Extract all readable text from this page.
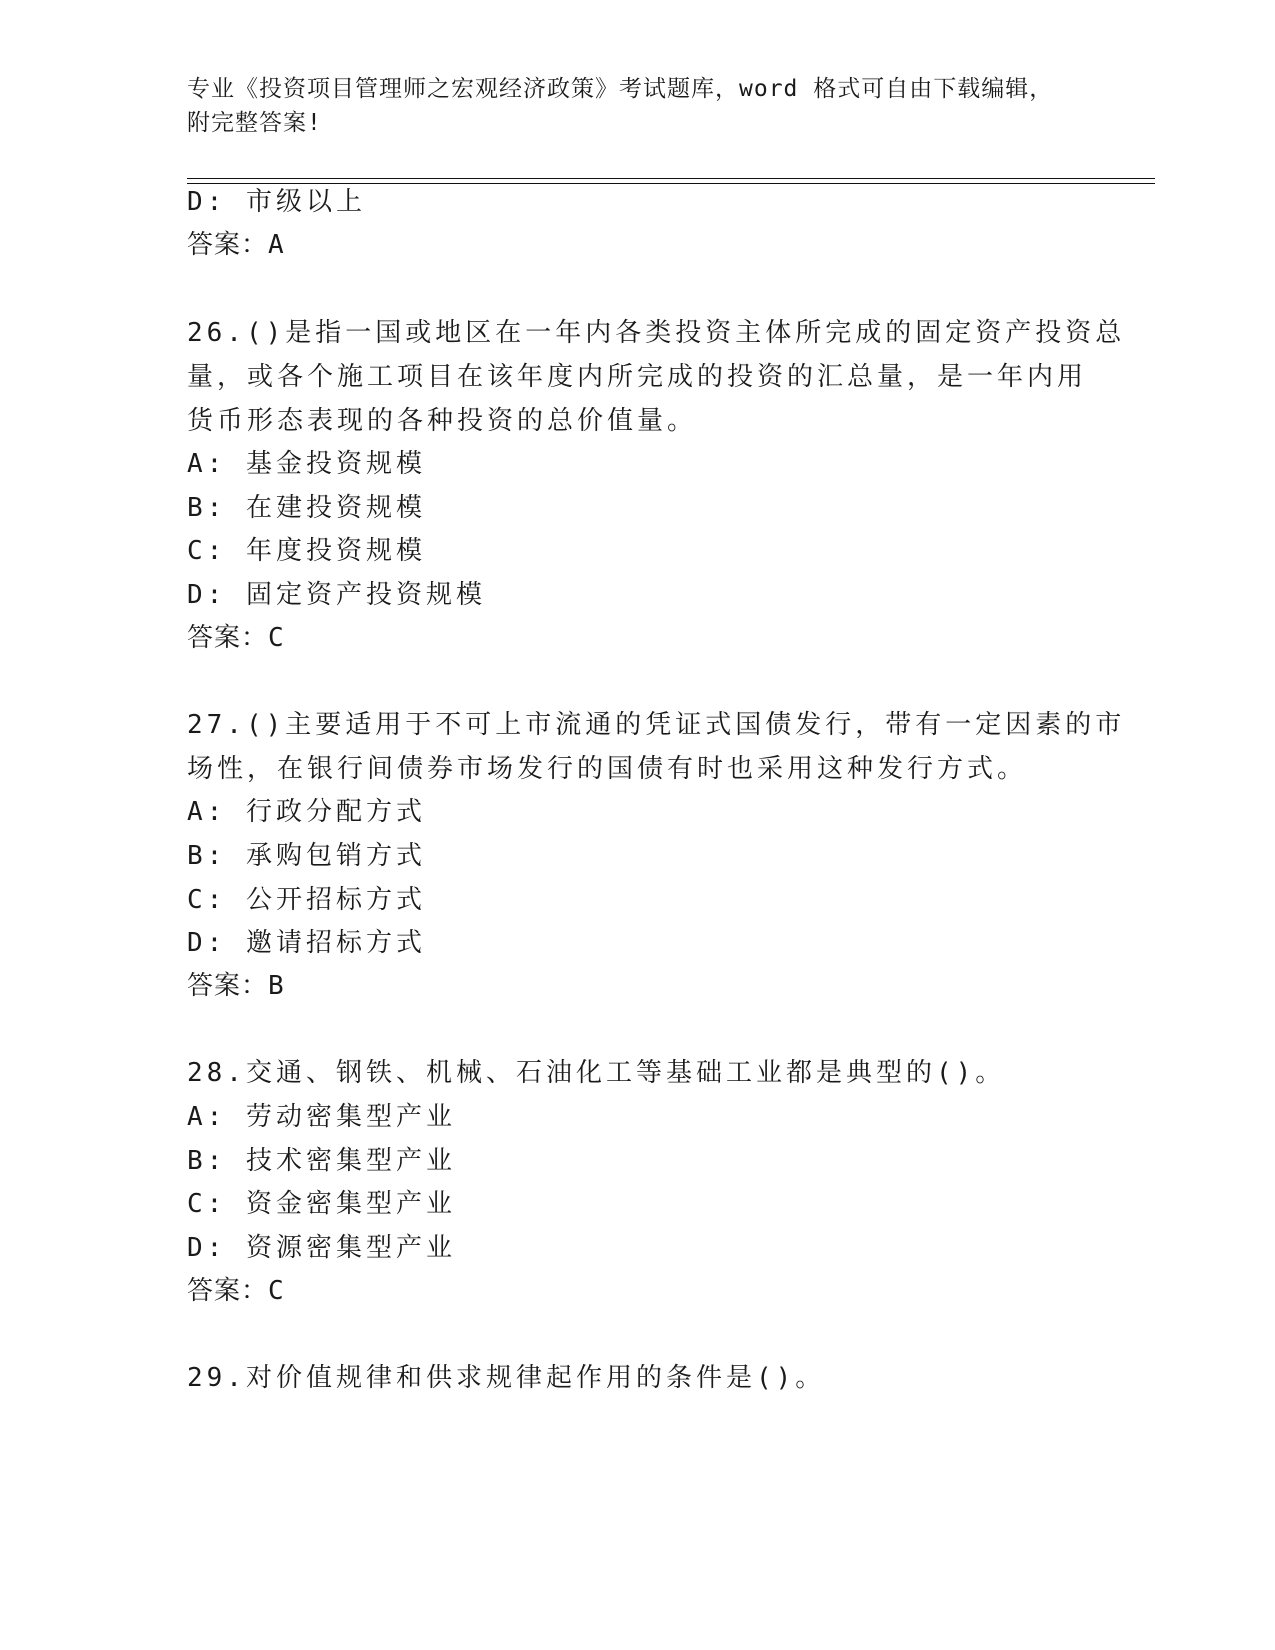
专业《投资项目管理师之宏观经济政策》考试题库，word 格式可自由下载编辑，
附完整答案!
D: 市级以上
答案：A
26.()是指一国或地区在一年内各类投资主体所完成的固定资产投资总
量，或各个施工项目在该年度内所完成的投资的汇总量，是一年内用
货币形态表现的各种投资的总价值量。
A: 基金投资规模
B: 在建投资规模
C: 年度投资规模
D: 固定资产投资规模
答案：C
27.()主要适用于不可上市流通的凭证式国债发行，带有一定因素的市
场性，在银行间债券市场发行的国债有时也采用这种发行方式。
A: 行政分配方式
B: 承购包销方式
C: 公开招标方式
D: 邀请招标方式
答案：B
28.交通、钢铁、机械、石油化工等基础工业都是典型的()。
A: 劳动密集型产业
B: 技术密集型产业
C: 资金密集型产业
D: 资源密集型产业
答案：C
29.对价值规律和供求规律起作用的条件是()。
